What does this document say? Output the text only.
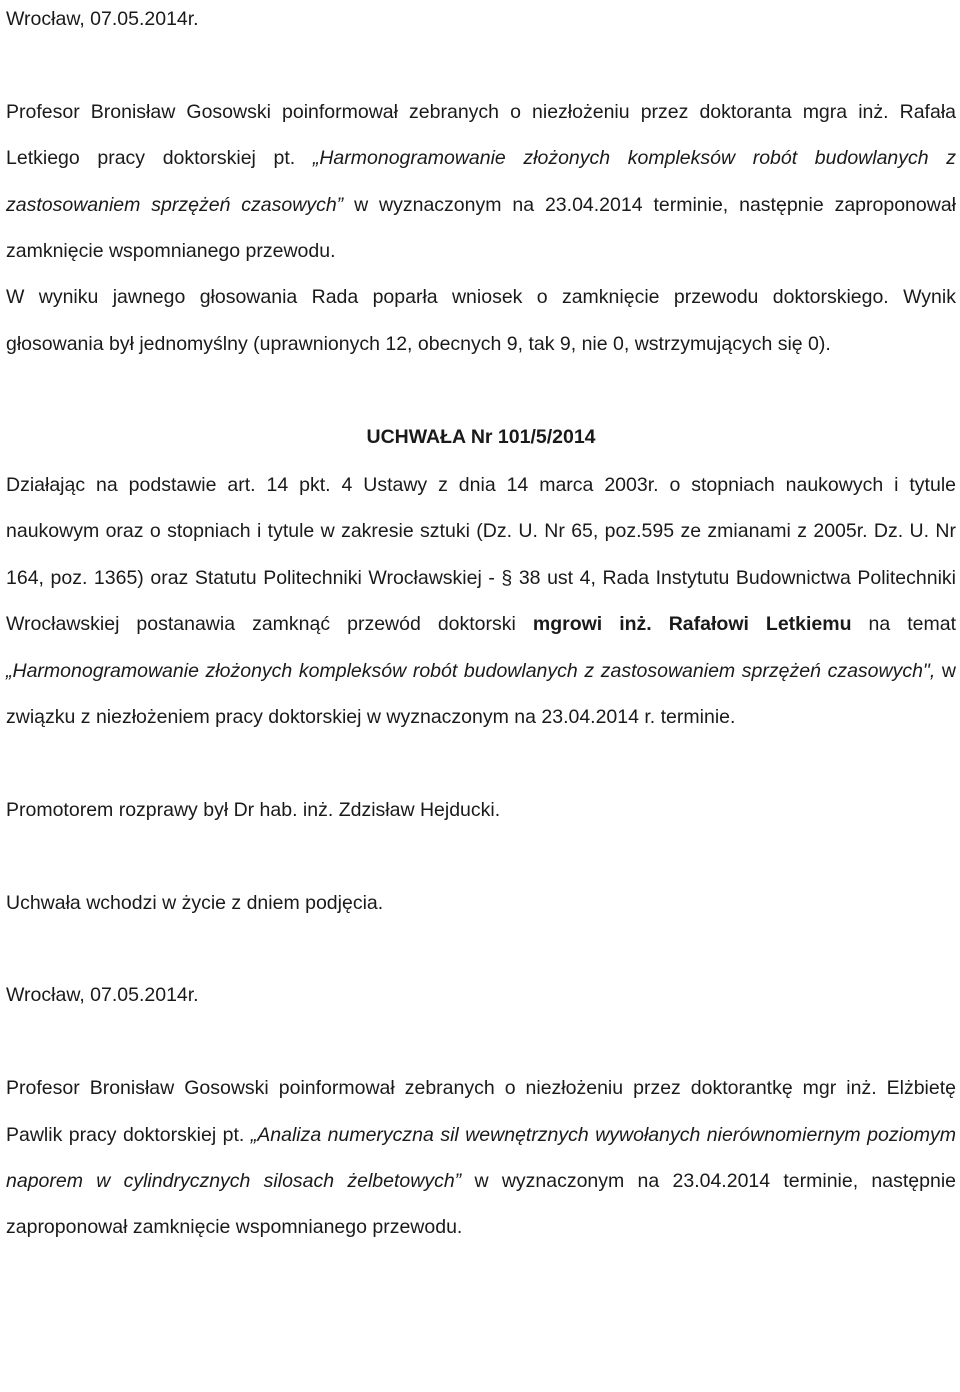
Wrocław, 07.05.2014r.

Profesor Bronisław Gosowski poinformował zebranych o niezłożeniu przez doktoranta mgra inż. Rafała Letkiego pracy doktorskiej pt. „Harmonogramowanie złożonych kompleksów robót budowlanych z zastosowaniem sprzężeń czasowych” w wyznaczonym na 23.04.2014 terminie, następnie zaproponował zamknięcie wspomnianego przewodu.

W wyniku jawnego głosowania Rada poparła wniosek o zamknięcie przewodu doktorskiego. Wynik głosowania był jednomyślny (uprawnionych 12, obecnych 9, tak 9, nie 0, wstrzymujących się 0).

UCHWAŁA Nr 101/5/2014

Działając na podstawie art. 14 pkt. 4 Ustawy z dnia 14 marca 2003r. o stopniach naukowych i tytule naukowym oraz o stopniach i tytule w zakresie sztuki (Dz. U. Nr 65, poz.595 ze zmianami z 2005r. Dz. U. Nr 164, poz. 1365) oraz Statutu Politechniki Wrocławskiej - § 38 ust 4, Rada Instytutu Budownictwa Politechniki Wrocławskiej postanawia zamknąć przewód doktorski mgrowi inż. Rafałowi Letkiemu na temat „Harmonogramowanie złożonych kompleksów robót budowlanych z zastosowaniem sprzężeń czasowych", w związku z niezłożeniem pracy doktorskiej w wyznaczonym na 23.04.2014 r. terminie.

Promotorem rozprawy był Dr hab. inż. Zdzisław Hejducki.

Uchwała wchodzi w życie z dniem podjęcia.

Wrocław, 07.05.2014r.

Profesor Bronisław Gosowski poinformował zebranych o niezłożeniu przez doktorantkę mgr inż. Elżbietę Pawlik pracy doktorskiej pt. „Analiza numeryczna sil wewnętrznych wywołanych nierównomiernym poziomym naporem w cylindrycznych silosach żelbetowych” w wyznaczonym na 23.04.2014 terminie, następnie zaproponował zamknięcie wspomnianego przewodu.
